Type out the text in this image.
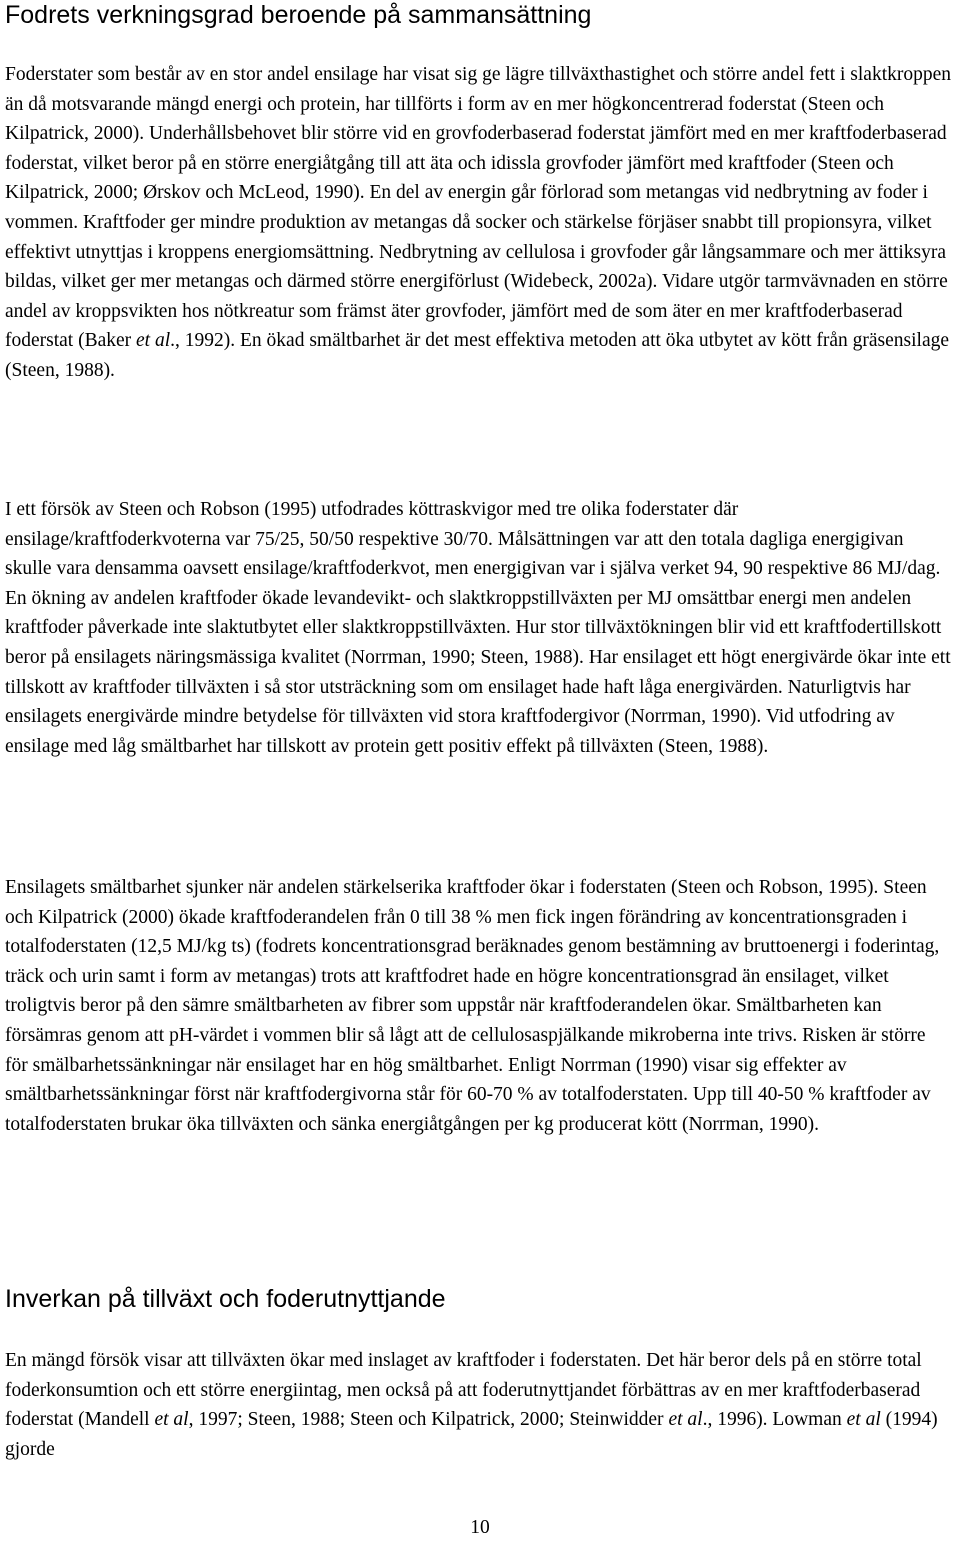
Fodrets verkningsgrad beroende på sammansättning

Foderstater som består av en stor andel ensilage har visat sig ge lägre tillväxthastighet och större andel fett i slaktkroppen än då motsvarande mängd energi och protein, har tillförts i form av en mer högkoncentrerad foderstat (Steen och Kilpatrick, 2000). Underhållsbehovet blir större vid en grovfoderbaserad foderstat jämfört med en mer kraftfoderbaserad foderstat, vilket beror på en större energiåtgång till att äta och idissla grovfoder jämfört med kraftfoder (Steen och Kilpatrick, 2000; Ørskov och McLeod, 1990). En del av energin går förlorad som metangas vid nedbrytning av foder i vommen. Kraftfoder ger mindre produktion av metangas då socker och stärkelse förjäser snabbt till propionsyra, vilket effektivt utnyttjas i kroppens energiomsättning. Nedbrytning av cellulosa i grovfoder går långsammare och mer ättiksyra bildas, vilket ger mer metangas och därmed större energiförlust (Widebeck, 2002a). Vidare utgör tarmvävnaden en större andel av kroppsvikten hos nötkreatur som främst äter grovfoder, jämfört med de som äter en mer kraftfoderbaserad foderstat (Baker et al., 1992). En ökad smältbarhet är det mest effektiva metoden att öka utbytet av kött från gräsensilage (Steen, 1988).

I ett försök av Steen och Robson (1995) utfodrades köttraskvigor med tre olika foderstater där ensilage/kraftfoderkvoterna var 75/25, 50/50 respektive 30/70. Målsättningen var att den totala dagliga energigivan skulle vara densamma oavsett ensilage/kraftfoderkvot, men energigivan var i själva verket 94, 90 respektive 86 MJ/dag. En ökning av andelen kraftfoder ökade levandevikt- och slaktkroppstillväxten per MJ omsättbar energi men andelen kraftfoder påverkade inte slaktutbytet eller slaktkroppstillväxten. Hur stor tillväxtökningen blir vid ett kraftfodertillskott beror på ensilagets näringsmässiga kvalitet (Norrman, 1990; Steen, 1988). Har ensilaget ett högt energivärde ökar inte ett tillskott av kraftfoder tillväxten i så stor utsträckning som om ensilaget hade haft låga energivärden. Naturligtvis har ensilagets energivärde mindre betydelse för tillväxten vid stora kraftfodergivor (Norrman, 1990). Vid utfodring av ensilage med låg smältbarhet har tillskott av protein gett positiv effekt på tillväxten (Steen, 1988).

Ensilagets smältbarhet sjunker när andelen stärkelserika kraftfoder ökar i foderstaten (Steen och Robson, 1995). Steen och Kilpatrick (2000) ökade kraftfoderandelen från 0 till 38 % men fick ingen förändring av koncentrationsgraden i totalfoderstaten (12,5 MJ/kg ts) (fodrets koncentrationsgrad beräknades genom bestämning av bruttoenergi i foderintag, träck och urin samt i form av metangas) trots att kraftfodret hade en högre koncentrationsgrad än ensilaget, vilket troligtvis beror på den sämre smältbarheten av fibrer som uppstår när kraftfoderandelen ökar. Smältbarheten kan försämras genom att pH-värdet i vommen blir så lågt att de cellulosaspjälkande mikroberna inte trivs. Risken är större för smälbarhetssänkningar när ensilaget har en hög smältbarhet. Enligt Norrman (1990) visar sig effekter av smältbarhetssänkningar först när kraftfodergivorna står för 60-70 % av totalfoderstaten. Upp till 40-50 % kraftfoder av totalfoderstaten brukar öka tillväxten och sänka energiåtgången per kg producerat kött (Norrman, 1990).

Inverkan på tillväxt och foderutnyttjande

En mängd försök visar att tillväxten ökar med inslaget av kraftfoder i foderstaten. Det här beror dels på en större total foderkonsumtion och ett större energiintag, men också på att foderutnyttjandet förbättras av en mer kraftfoderbaserad foderstat (Mandell et al, 1997; Steen, 1988; Steen och Kilpatrick, 2000; Steinwidder et al., 1996). Lowman et al (1994) gjorde

10
